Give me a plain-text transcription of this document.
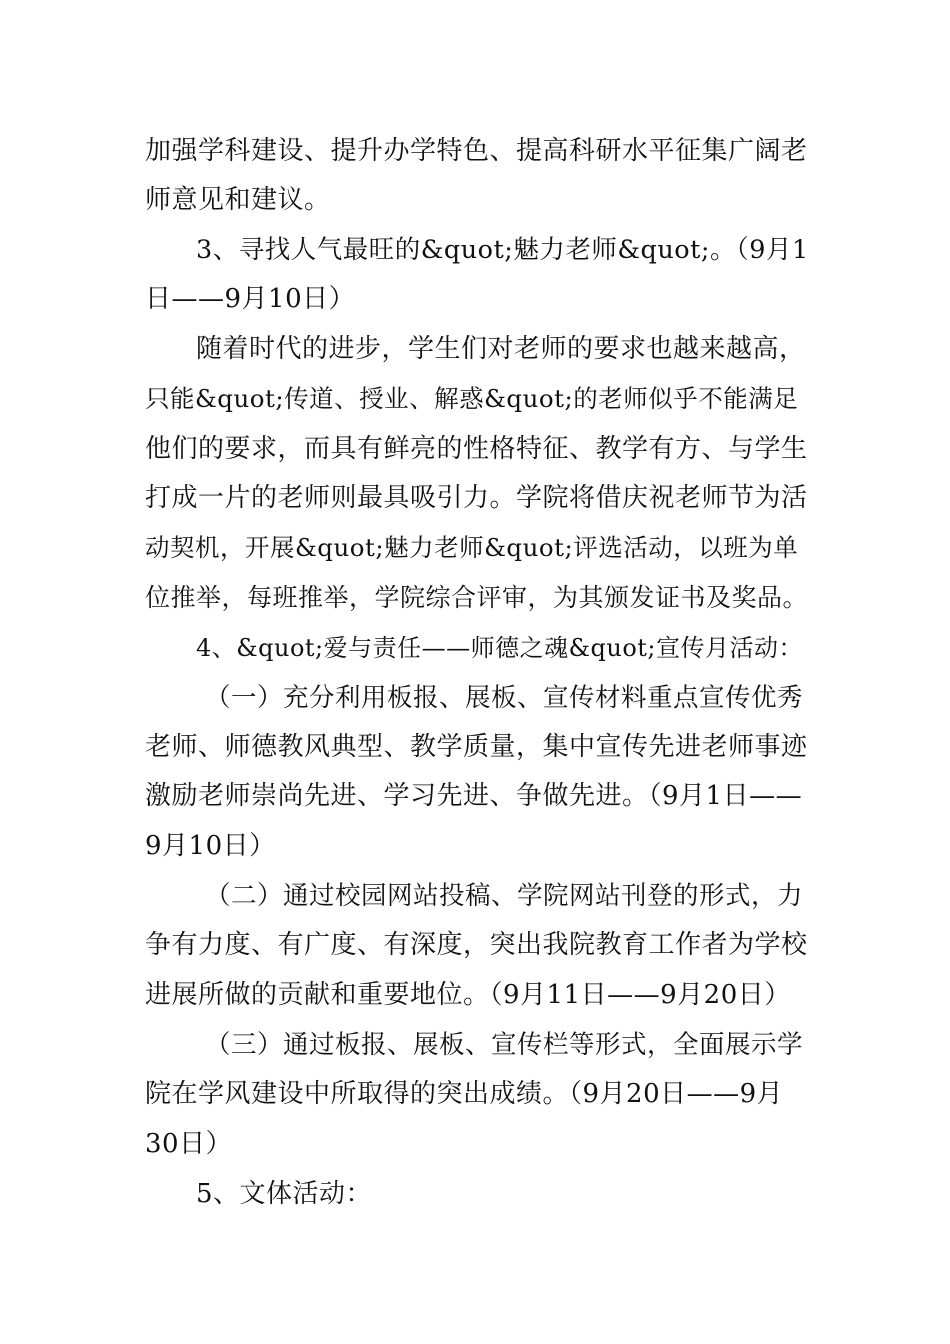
加强学科建设、提升办学特色、提高科研水平征集广阔老
师意见和建议。
3、寻找人气最旺的&quot;魅力老师&quot;。（9月1
日——9月10日）
随着时代的进步，学生们对老师的要求也越来越高，
只能&quot;传道、授业、解惑&quot;的老师似乎不能满足
他们的要求，而具有鲜亮的性格特征、教学有方、与学生
打成一片的老师则最具吸引力。学院将借庆祝老师节为活
动契机，开展&quot;魅力老师&quot;评选活动，以班为单
位推举，每班推举，学院综合评审，为其颁发证书及奖品。
4、&quot;爱与责任——师德之魂&quot;宣传月活动：
（一）充分利用板报、展板、宣传材料重点宣传优秀
老师、师德教风典型、教学质量，集中宣传先进老师事迹
激励老师崇尚先进、学习先进、争做先进。（9月1日——
9月10日）
（二）通过校园网站投稿、学院网站刊登的形式，力
争有力度、有广度、有深度，突出我院教育工作者为学校
进展所做的贡献和重要地位。（9月11日——9月20日）
（三）通过板报、展板、宣传栏等形式，全面展示学
院在学风建设中所取得的突出成绩。（9月20日——9月
30日）
5、文体活动：
